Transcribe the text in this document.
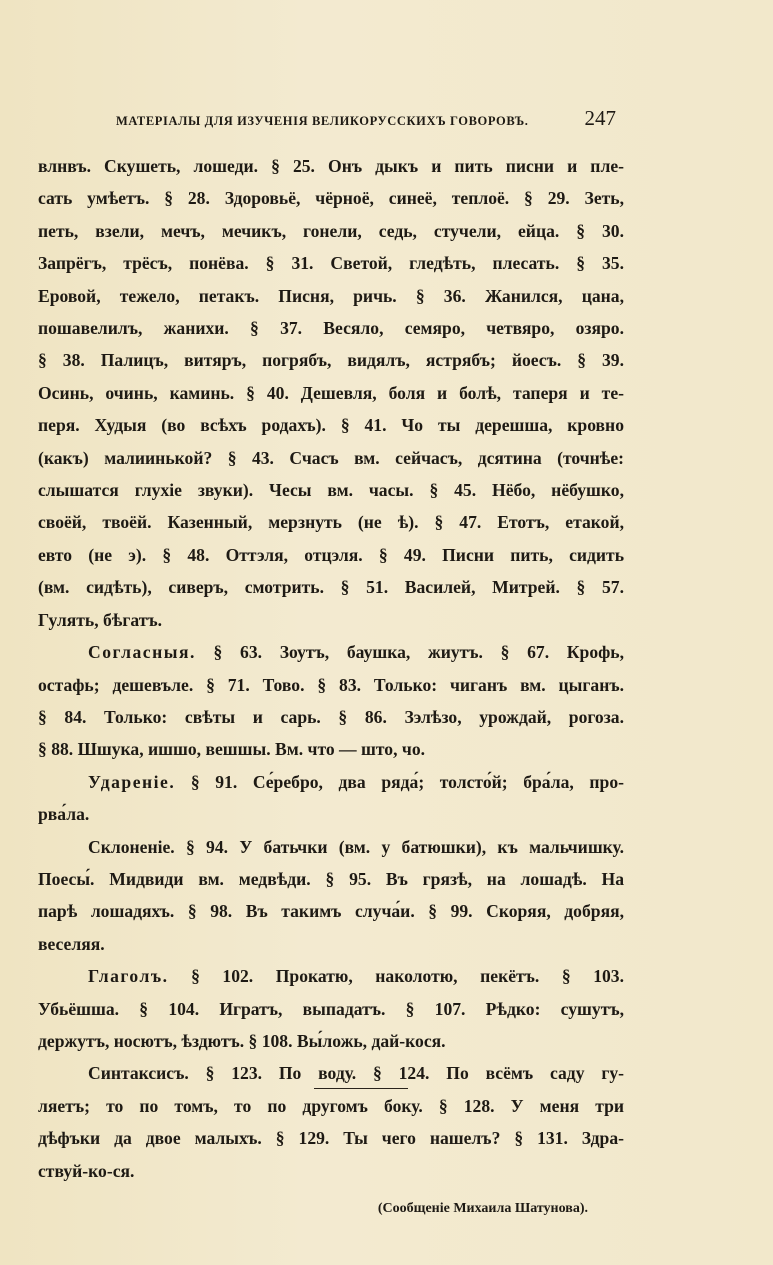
МАТЕРІАЛЫ ДЛЯ ИЗУЧЕНІЯ ВЕЛИКОРУССКИХЪ ГОВОРОВЪ.	247
влнвъ. Скушеть, лошеди. § 25. Онъ дыкъ и пить писни и пле-
сать умѣетъ. § 28. Здоровьё, чёрноё, синеё, теплоё. § 29. Зеть,
петь, взели, мечъ, мечикъ, гонели, седь, стучели, ейца. § 30.
Запрёгъ, трёсъ, понёва. § 31. Светой, гледѣть, плесать. § 35.
Еровой, тежело, петакъ. Писня, ричь. § 36. Жанился, цана,
пошавелилъ, жанихи. § 37. Весяло, семяро, четвяро, озяро.
§ 38. Палицъ, витяръ, погрябъ, видялъ, ястрябъ; йоесъ. § 39.
Осинь, очинь, каминь. § 40. Дешевля, боля и болѣ, таперя и те-
перя. Худыя (во всѣхъ родахъ). § 41. Чо ты дерешша, кровно
(какъ) малиинькой? § 43. Счасъ вм. сейчасъ, дсятина (точнѣе:
слышатся глухіе звуки). Чесы вм. часы. § 45. Нёбо, нёбушко,
своёй, твоёй. Казенный, мерзнуть (не ѣ). § 47. Етотъ, етакой,
евто (не э). § 48. Оттэля, отцэля. § 49. Писни пить, сидить
(вм. сидѣть), сиверъ, смотрить. § 51. Василей, Митрей. § 57.
Гулять, бѣгатъ.
Согласныя. § 63. Зоутъ, баушка, жиутъ. § 67. Крофь,
остафь; дешевъле. § 71. Тово. § 83. Только: чиганъ вм. цыганъ.
§ 84. Только: свѣты и сарь. § 86. Зэлѣзо, урождай, рогоза.
§ 88. Шшука, ишшо, вешшы. Вм. что — што, чо.
Удареніе. § 91. Се́ребро, два ряда́; толсто́й; бра́ла, про-
рва́ла.
Склоненіе. § 94. У батьчки (вм. у батюшки), къ мальчишку.
Поесы́. Мидвиди вм. медвѣди. § 95. Въ грязѣ, на лошадѣ. На
парѣ лошадяхъ. § 98. Въ такимъ случа́и. § 99. Скоряя, добряя,
веселяя.
Глаголъ. § 102. Прокатю, наколотю, пекётъ. § 103.
Убьёшша. § 104. Игратъ, выпадатъ. § 107. Рѣдко: сушутъ,
держутъ, носютъ, ѣздютъ. § 108. Вы́ложь, дай-кося.
Синтаксисъ. § 123. По воду. § 124. По всёмъ саду гу-
ляетъ; то по томъ, то по другомъ боку. § 128. У меня три
дѣфъки да двое малыхъ. § 129. Ты чего нашелъ? § 131. Здра-
ствуй-ко-ся.
(Сообщеніе Михаила Шатунова).
